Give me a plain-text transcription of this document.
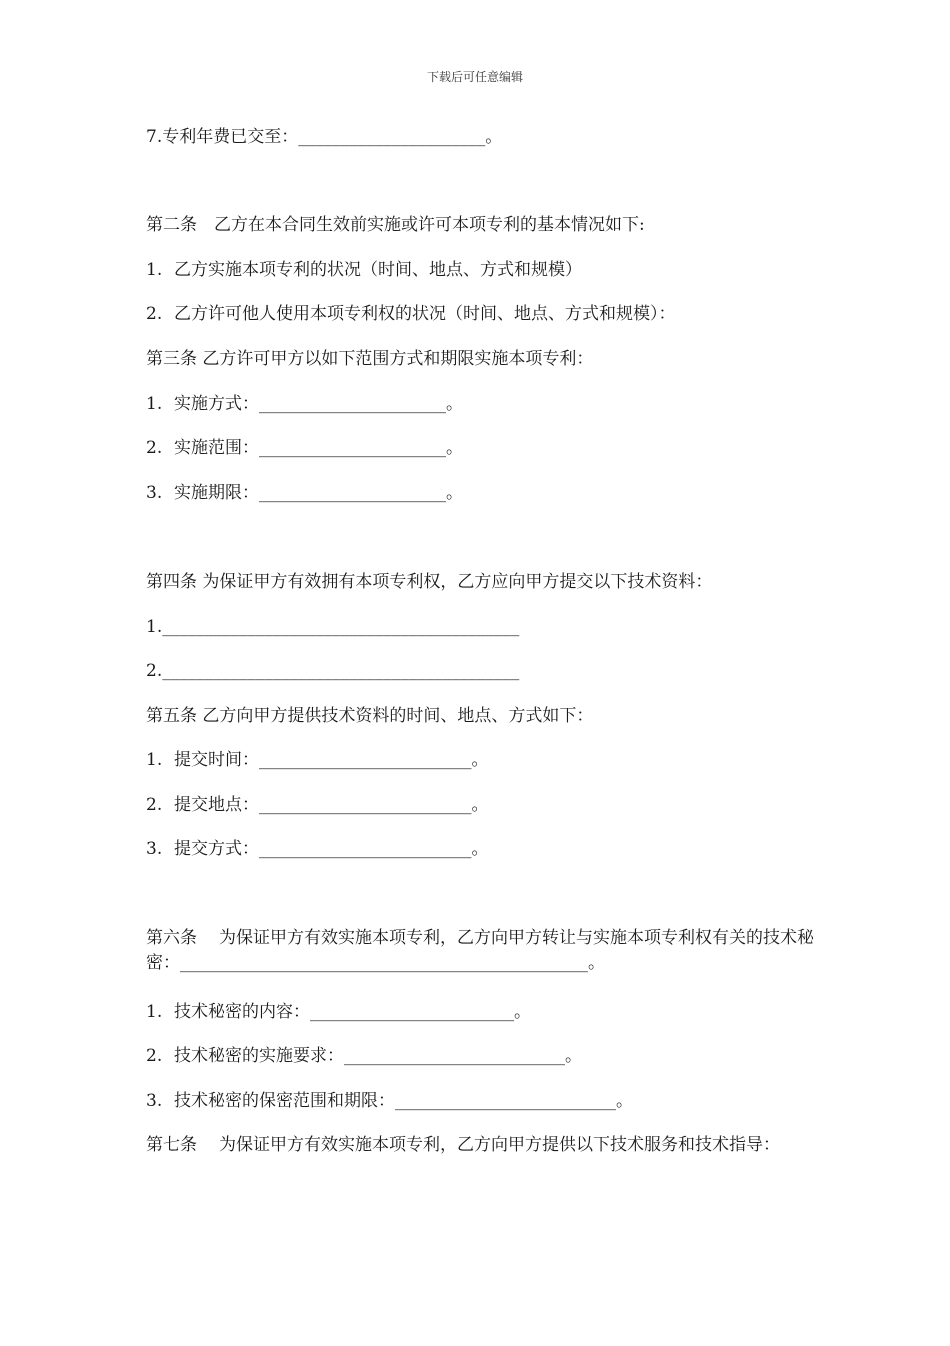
下载后可任意编辑
7.专利年费已交至：______________________。
第二条 乙方在本合同生效前实施或许可本项专利的基本情况如下:
1. 乙方实施本项专利的状况（时间、地点、方式和规模）
2. 乙方许可他人使用本项专利权的状况（时间、地点、方式和规模）：
第三条 乙方许可甲方以如下范围方式和期限实施本项专利：
1. 实施方式：______________________。
2. 实施范围：______________________。
3. 实施期限：______________________。
第四条 为保证甲方有效拥有本项专利权，乙方应向甲方提交以下技术资料：
1.__________________________________________
2.__________________________________________
第五条 乙方向甲方提供技术资料的时间、地点、方式如下：
1. 提交时间：_________________________。
2. 提交地点：_________________________。
3. 提交方式：_________________________。
第六条 为保证甲方有效实施本项专利，乙方向甲方转让与实施本项专利权有关的技术秘密：________________________________________________。
1. 技术秘密的内容：________________________。
2. 技术秘密的实施要求：__________________________。
3. 技术秘密的保密范围和期限：__________________________。
第七条 为保证甲方有效实施本项专利，乙方向甲方提供以下技术服务和技术指导：
